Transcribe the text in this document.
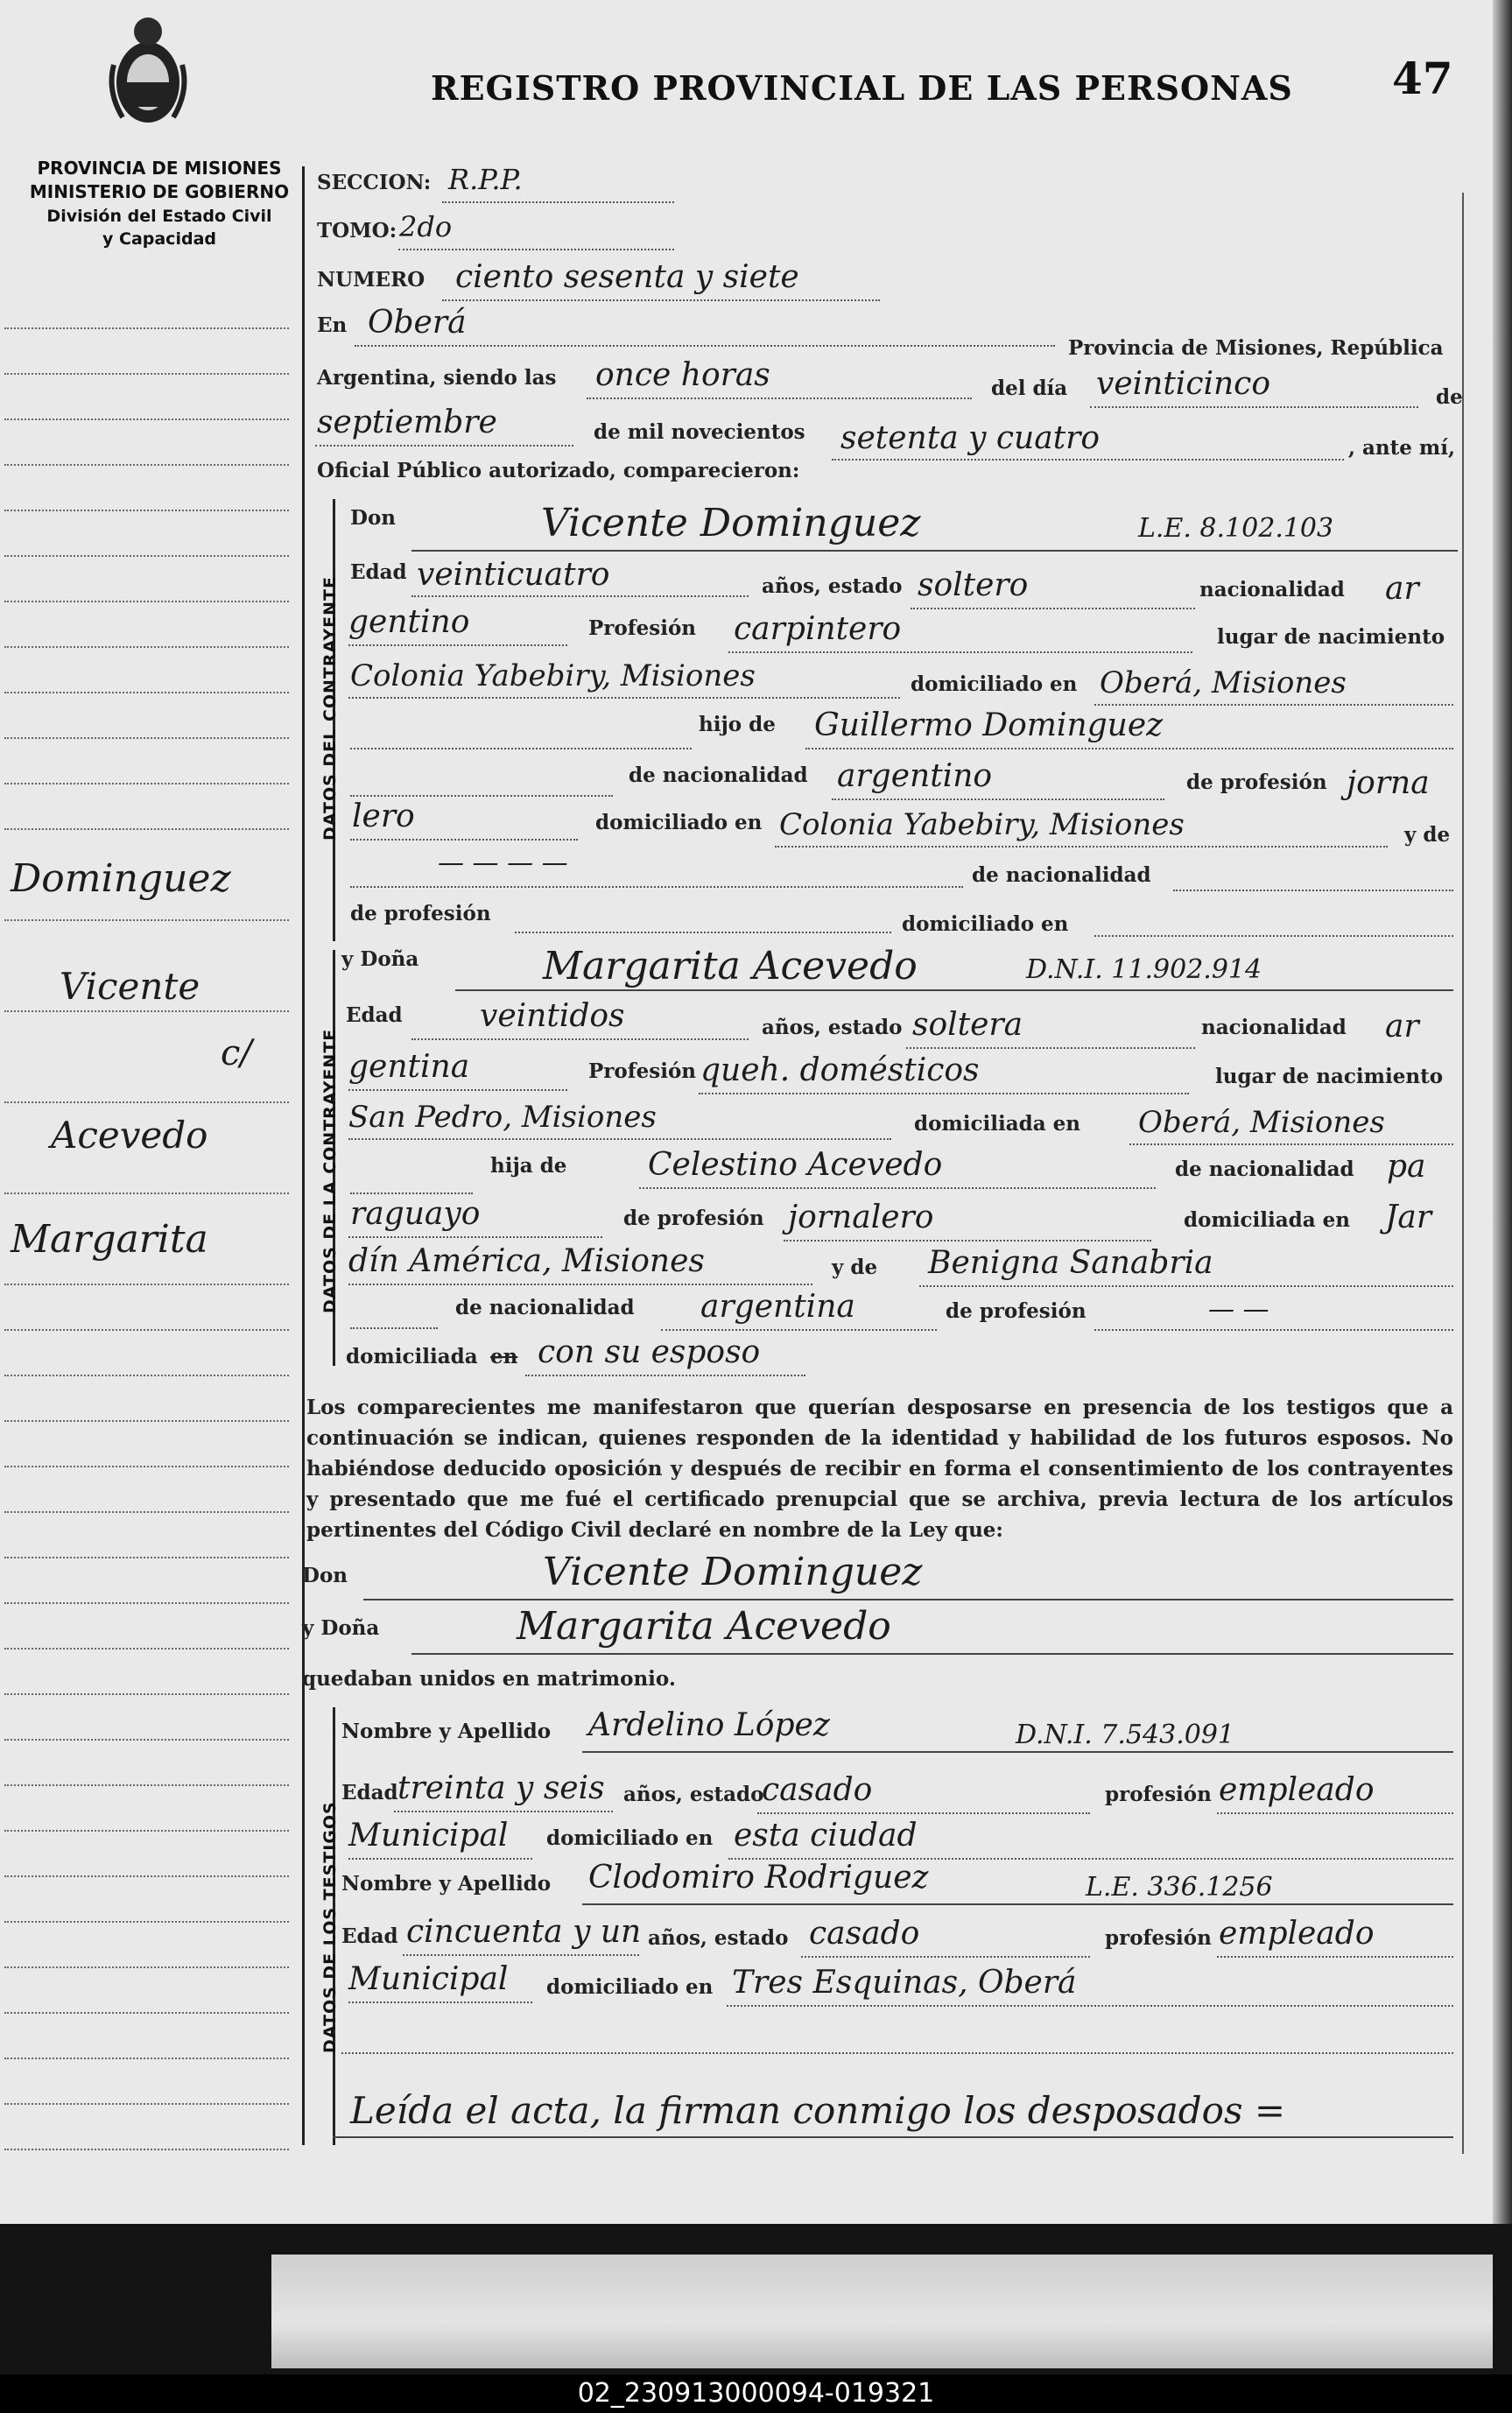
02_230913000094-019321
REGISTRO PROVINCIAL DE LAS PERSONAS 47
PROVINCIA DE MISIONES
MINISTERIO DE GOBIERNO
División del Estado Civil
y Capacidad
Dominguez
Vicente
c/
Acevedo
Margarita
DATOS DEL CONTRAYENTE
DATOS DE LA CONTRAYENTE
DATOS DE LOS TESTIGOS
SECCION: R.P.P.
TOMO: 2do
NUMERO ciento sesenta y siete
En Oberá
Provincia de Misiones, República
Argentina, siendo las once horas	del día veinticinco	de
septiembre	de mil novecientos setenta y cuatro	, ante mí,
Oficial Público autorizado, comparecieron:
Don	Vicente Dominguez	L.E. 8.102.103
Edad veinticuatro	años, estado soltero	nacionalidad ar
gentino	Profesión carpintero	lugar de nacimiento
Colonia Yabebiry, Misiones	domiciliado en Oberá, Misiones
hijo de Guillermo Dominguez
de nacionalidad argentino	de profesión jorna
lero	domiciliado en Colonia Yabebiry, Misiones	y de
— — — —	de nacionalidad
de profesión	domiciliado en
y Doña	Margarita Acevedo	D.N.I. 11.902.914
Edad veintidos	años, estado soltera	nacionalidad ar
gentina	Profesión queh. domésticos	lugar de nacimiento
San Pedro, Misiones	domiciliada en Oberá, Misiones
hija de	Celestino Acevedo	de nacionalidad pa
raguayo	de profesión jornalero	domiciliada en Jar
dín América, Misiones	y de Benigna Sanabria
de nacionalidad argentina	de profesión	— —
domiciliada en con su esposo
Los comparecientes me manifestaron que querían desposarse en presencia de los testigos que a continuación se indican, quienes responden de la identidad y habilidad de los futuros esposos. No habiéndose deducido oposición y después de recibir en forma el consentimiento de los contrayentes y presentado que me fué el certificado prenupcial que se archiva, previa lectura de los artículos pertinentes del Código Civil declaré en nombre de la Ley que:
Don	Vicente Dominguez
y Doña	Margarita Acevedo
quedaban unidos en matrimonio.
Nombre y Apellido Ardelino López	D.N.I. 7.543.091
Edad treinta y seis años, estado
casado	profesión empleado
Municipal domiciliado en esta ciudad
Nombre y Apellido Clodomiro Rodriguez	L.E. 336.1256
Edad cincuenta y un años, estado casado	profesión empleado
Municipal domiciliado en Tres Esquinas, Oberá
Leída el acta, la firman conmigo los desposados =
